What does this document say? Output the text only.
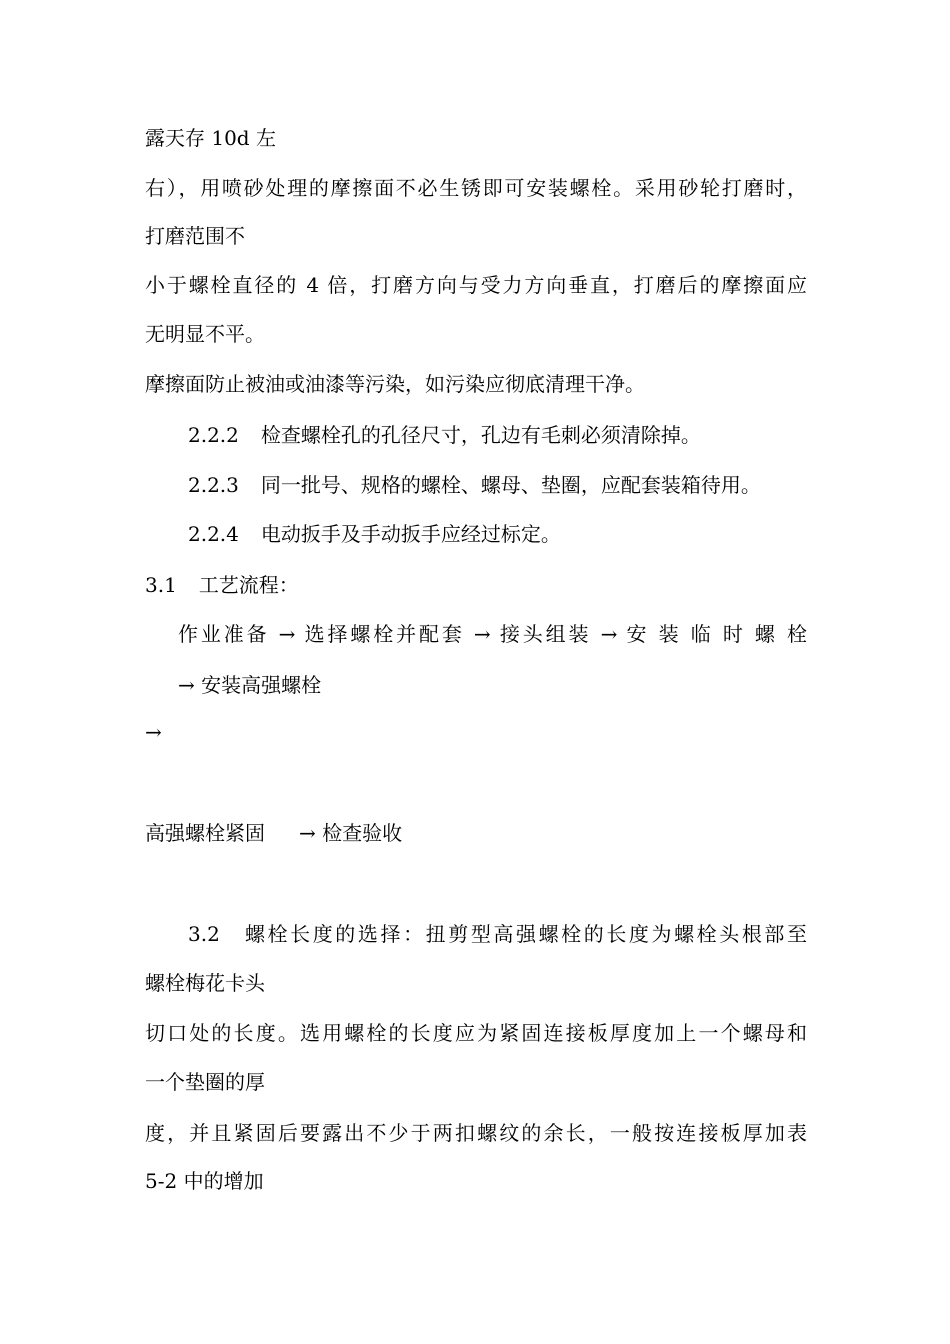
露天存 10d 左
右），用喷砂处理的摩擦面不必生锈即可安装螺栓。采用砂轮打磨时，
打磨范围不
小于螺栓直径的 4 倍，打磨方向与受力方向垂直，打磨后的摩擦面应
无明显不平。
摩擦面防止被油或油漆等污染，如污染应彻底清理干净。
2.2.2 检查螺栓孔的孔径尺寸，孔边有毛刺必须清除掉。
2.2.3 同一批号、规格的螺栓、螺母、垫圈，应配套装箱待用。
2.2.4 电动扳手及手动扳手应经过标定。
3.1 工艺流程：
作业准备 → 选择螺栓并配套 → 接头组装 → 安 装 临 时 螺 栓
→ 安装高强螺栓
→
高强螺栓紧固 → 检查验收
3.2　螺栓长度的选择：扭剪型高强螺栓的长度为螺栓头根部至
螺栓梅花卡头
切口处的长度。选用螺栓的长度应为紧固连接板厚度加上一个螺母和
一个垫圈的厚
度，并且紧固后要露出不少于两扣螺纹的余长，一般按连接板厚加表
5-2 中的增加
